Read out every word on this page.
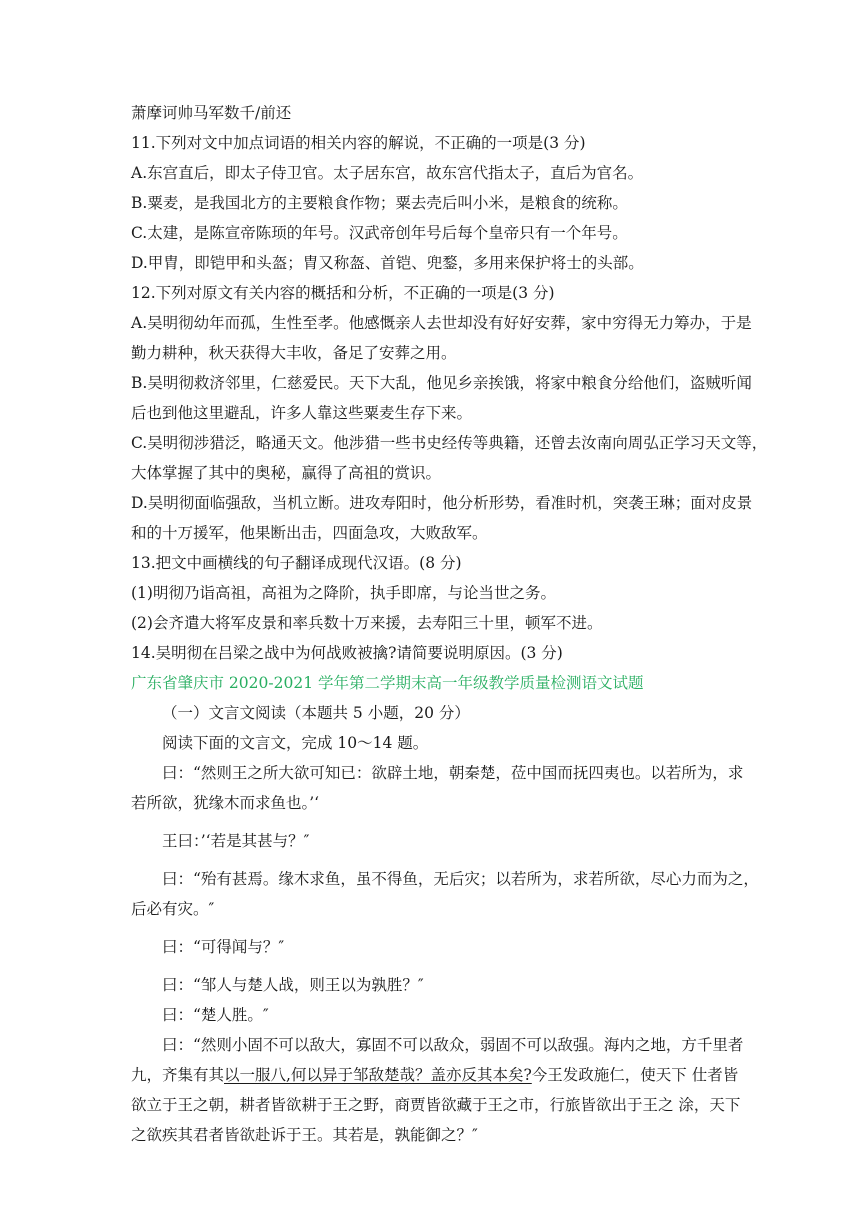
萧摩诃帅马军数千/前还
11.下列对文中加点词语的相关内容的解说，不正确的一项是(3 分)
A.东宫直后，即太子侍卫官。太子居东宫，故东宫代指太子，直后为官名。
B.粟麦，是我国北方的主要粮食作物；粟去壳后叫小米，是粮食的统称。
C.太建，是陈宣帝陈顼的年号。汉武帝创年号后每个皇帝只有一个年号。
D.甲胄，即铠甲和头盔；胄又称盔、首铠、兜鍪，多用来保护将士的头部。
12.下列对原文有关内容的概括和分析，不正确的一项是(3 分)
A.吴明彻幼年而孤，生性至孝。他感慨亲人去世却没有好好安葬，家中穷得无力筹办，于是
勤力耕种，秋天获得大丰收，备足了安葬之用。
B.吴明彻救济邻里，仁慈爱民。天下大乱，他见乡亲挨饿，将家中粮食分给他们，盗贼听闻
后也到他这里避乱，许多人靠这些粟麦生存下来。
C.吴明彻涉猎泛，略通天文。他涉猎一些书史经传等典籍，还曾去汝南向周弘正学习天文等，
大体掌握了其中的奥秘，赢得了高祖的赏识。
D.吴明彻面临强敌，当机立断。进攻寿阳时，他分析形势，看准时机，突袭王琳；面对皮景
和的十万援军，他果断出击，四面急攻，大败敌军。
13.把文中画横线的句子翻译成现代汉语。(8 分)
(1)明彻乃诣高祖，高祖为之降阶，执手即席，与论当世之务。
(2)会齐遣大将军皮景和率兵数十万来援，去寿阳三十里，顿军不进。
14.吴明彻在吕梁之战中为何战败被擒?请简要说明原因。(3 分)
广东省肇庆市 2020-2021 学年第二学期末高一年级教学质量检测语文试题
（一）文言文阅读（本题共 5 小题，20 分）
阅读下面的文言文，完成 10～14 题。
曰：“然则王之所大欲可知已：欲辟土地，朝秦楚，莅中国而抚四夷也。以若所为，求
若所欲，犹缘木而求鱼也。’‘
王曰：’‘若是其甚与？″
曰：“殆有甚焉。缘木求鱼，虽不得鱼，无后灾；以若所为，求若所欲，尽心力而为之，
后必有灾。″
曰：“可得闻与？″
曰：“邹人与楚人战，则王以为孰胜？″
曰：“楚人胜。″
曰：“然则小固不可以敌大，寡固不可以敌众，弱固不可以敌强。海内之地，方千里者
九，齐集有其以一服八,何以异于邹敌楚哉？盖亦反其本矣?今王发政施仁，使天下 仕者皆
欲立于王之朝，耕者皆欲耕于王之野，商贾皆欲藏于王之市，行旅皆欲出于王之 涂，天下
之欲疾其君者皆欲赴诉于王。其若是，孰能御之？″
